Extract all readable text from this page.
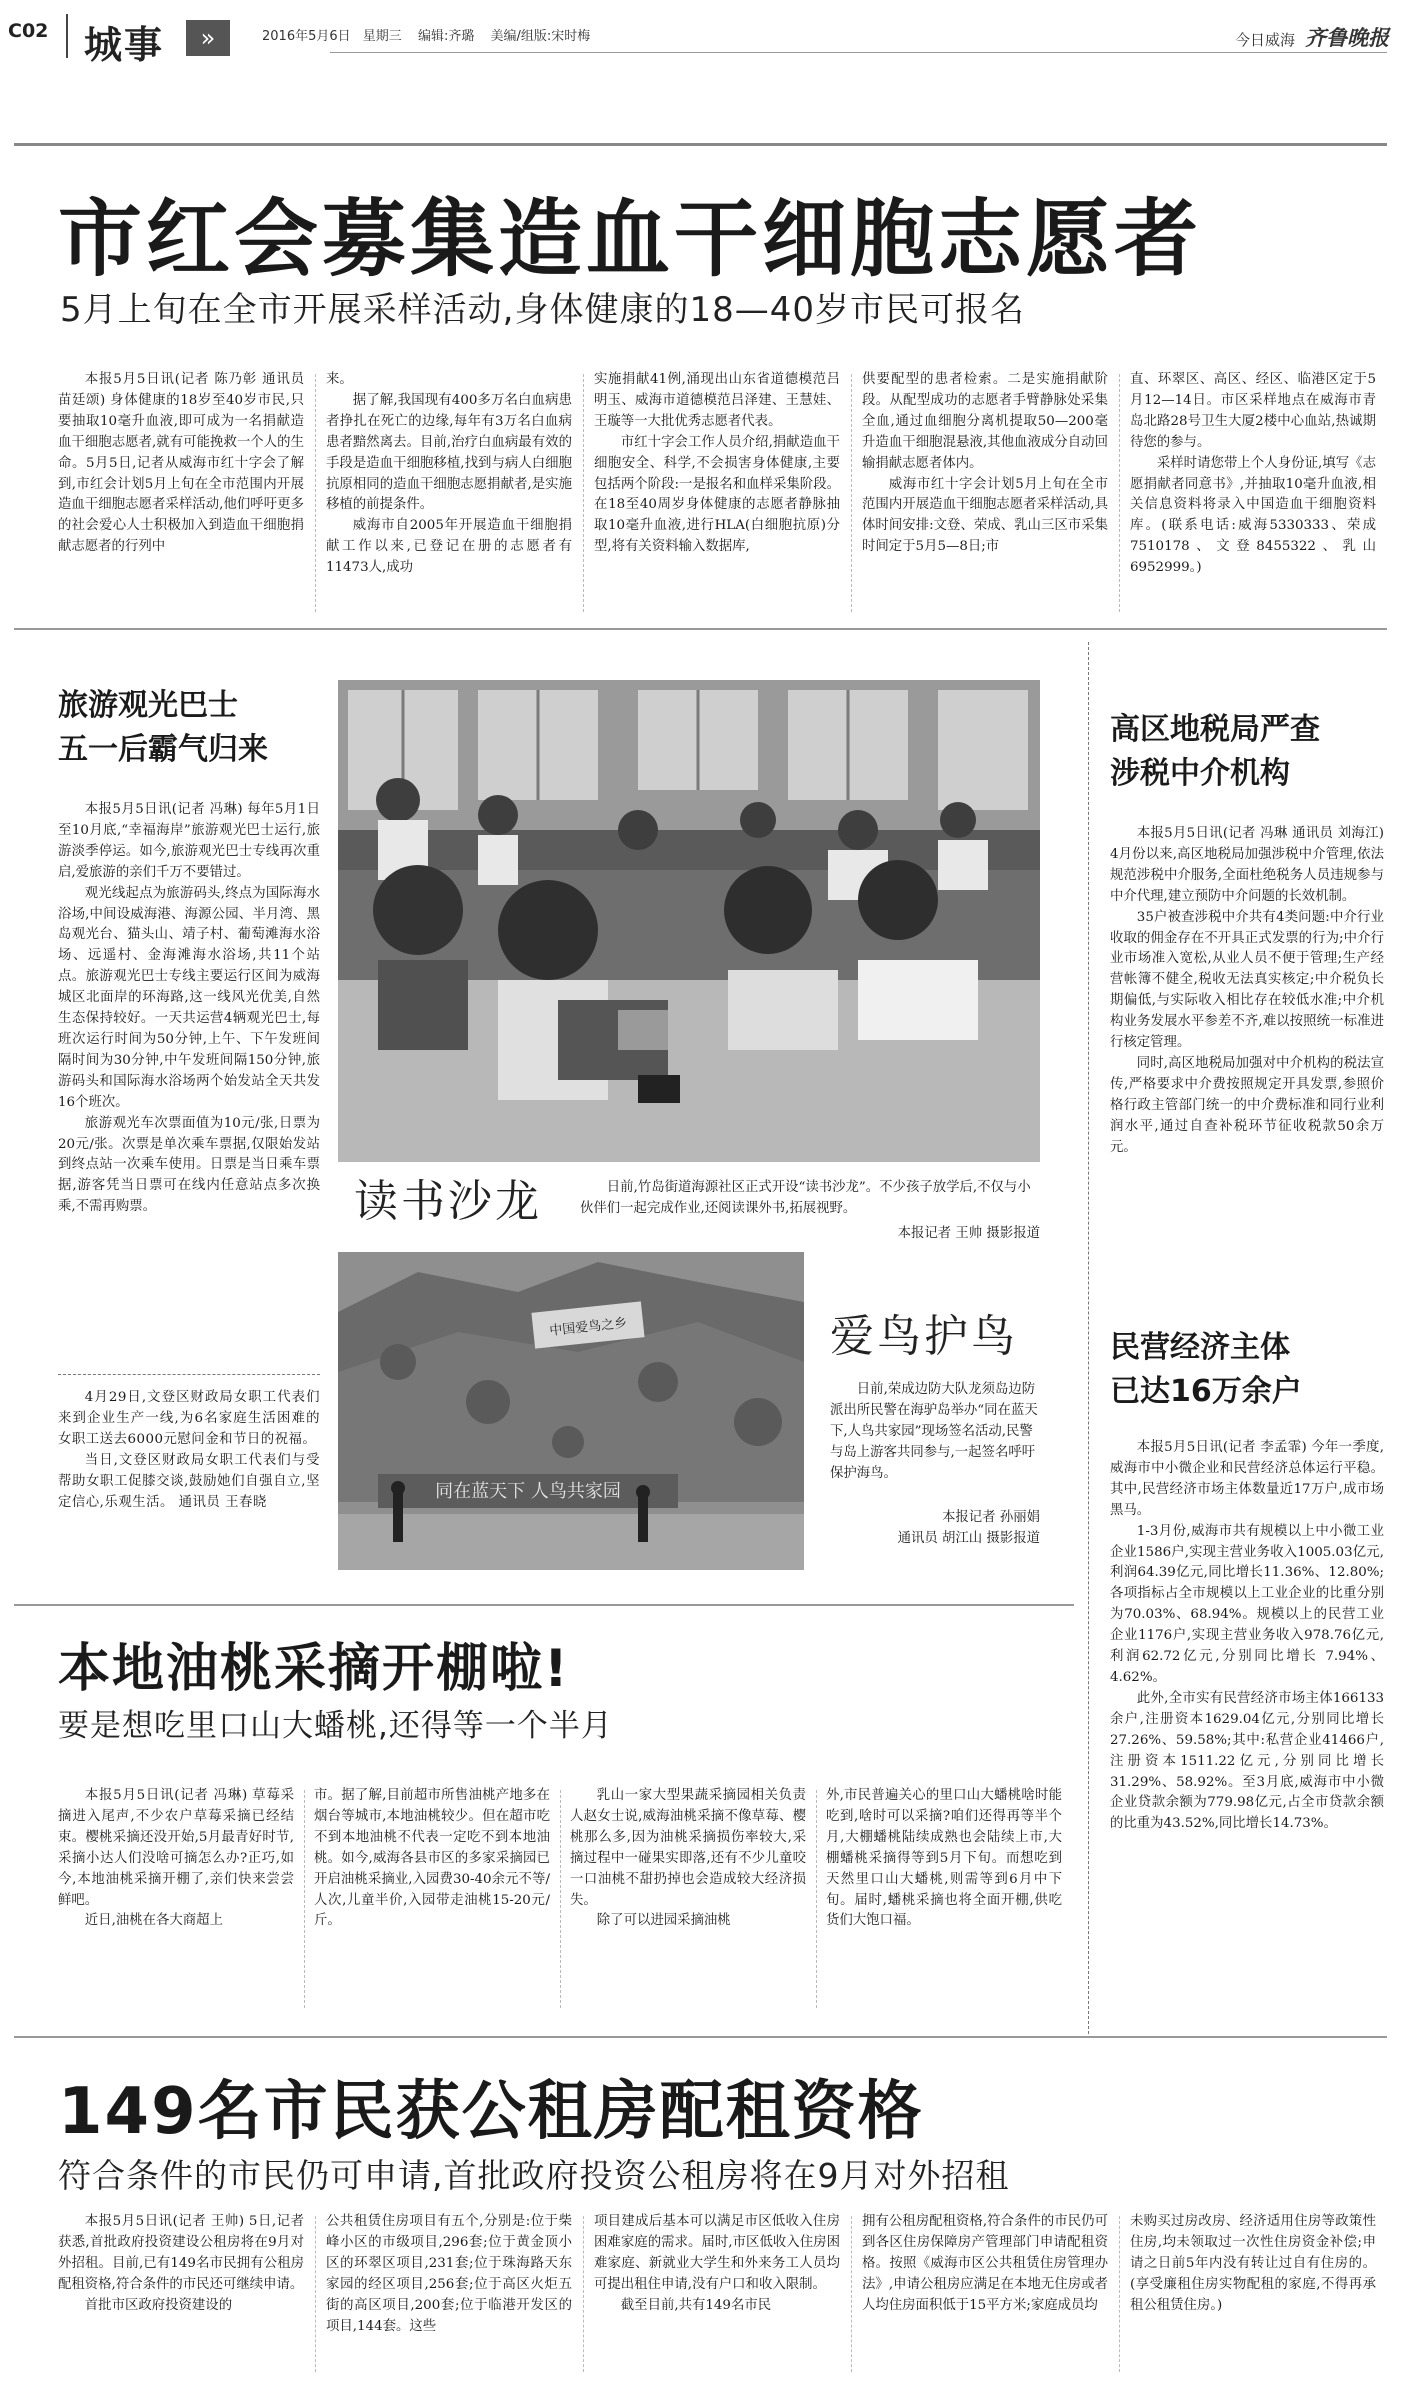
C02 城事	»	2016年5月6日 星期三 编辑:齐璐 美编/组版:宋时梅	今日威海 齐鲁晚报
市红会募集造血干细胞志愿者
5月上旬在全市开展采样活动,身体健康的18—40岁市民可报名

本报5月5日讯(记者 陈乃彰 通讯员 苗廷颂) 身体健康的18岁至40岁市民,只要抽取10毫升血液,即可成为一名捐献造血干细胞志愿者,就有可能挽救一个人的生命。5月5日,记者从威海市红十字会了解到,市红会计划5月上旬在全市范围内开展造血干细胞志愿者采样活动,他们呼吁更多的社会爱心人士积极加入到造血干细胞捐献志愿者的行列中

来。

据了解,我国现有400多万名白血病患者挣扎在死亡的边缘,每年有3万名白血病患者黯然离去。目前,治疗白血病最有效的手段是造血干细胞移植,找到与病人白细胞抗原相同的造血干细胞志愿捐献者,是实施移植的前提条件。

威海市自2005年开展造血干细胞捐献工作以来,已登记在册的志愿者有11473人,成功

实施捐献41例,涌现出山东省道德模范吕明玉、威海市道德模范吕泽建、王慧娃、王璇等一大批优秀志愿者代表。

市红十字会工作人员介绍,捐献造血干细胞安全、科学,不会损害身体健康,主要包括两个阶段:一是报名和血样采集阶段。在18至40周岁身体健康的志愿者静脉抽取10毫升血液,进行HLA(白细胞抗原)分型,将有关资料输入数据库,

供要配型的患者检索。二是实施捐献阶段。从配型成功的志愿者手臂静脉处采集全血,通过血细胞分离机提取50—200毫升造血干细胞混悬液,其他血液成分自动回输捐献志愿者体内。

威海市红十字会计划5月上旬在全市范围内开展造血干细胞志愿者采样活动,具体时间安排:文登、荣成、乳山三区市采集时间定于5月5—8日;市

直、环翠区、高区、经区、临港区定于5月12—14日。市区采样地点在威海市青岛北路28号卫生大厦2楼中心血站,热诚期待您的参与。

采样时请您带上个人身份证,填写《志愿捐献者同意书》,并抽取10毫升血液,相关信息资料将录入中国造血干细胞资料库。(联系电话:威海5330333、荣成7510178、文登8455322、乳山6952999。)

旅游观光巴士
五一后霸气归来

本报5月5日讯(记者 冯琳) 每年5月1日至10月底,“幸福海岸”旅游观光巴士运行,旅游淡季停运。如今,旅游观光巴士专线再次重启,爱旅游的亲们千万不要错过。

观光线起点为旅游码头,终点为国际海水浴场,中间设威海港、海源公园、半月湾、黑岛观光台、猫头山、靖子村、葡萄滩海水浴场、远遥村、金海滩海水浴场,共11个站点。旅游观光巴士专线主要运行区间为威海城区北面岸的环海路,这一线风光优美,自然生态保持较好。一天共运营4辆观光巴士,每班次运行时间为50分钟,上午、下午发班间隔时间为30分钟,中午发班间隔150分钟,旅游码头和国际海水浴场两个始发站全天共发16个班次。

旅游观光车次票面值为10元/张,日票为20元/张。次票是单次乘车票据,仅限始发站到终点站一次乘车使用。日票是当日乘车票据,游客凭当日票可在线内任意站点多次换乘,不需再购票。

4月29日,文登区财政局女职工代表们来到企业生产一线,为6名家庭生活困难的女职工送去6000元慰问金和节日的祝福。

当日,文登区财政局女职工代表们与受帮助女职工促膝交谈,鼓励她们自强自立,坚定信心,乐观生活。 通讯员 王春晓

读书沙龙	日前,竹岛街道海源社区正式开设“读书沙龙”。不少孩子放学后,不仅与小伙伴们一起完成作业,还阅读课外书,拓展视野。
本报记者 王帅 摄影报道
中国爱鸟之乡
同在蓝天下 人鸟共家园
爱鸟护鸟
日前,荣成边防大队龙须岛边防派出所民警在海驴岛举办“同在蓝天下,人鸟共家园”现场签名活动,民警与岛上游客共同参与,一起签名呼吁保护海鸟。
本报记者 孙丽娟
通讯员 胡江山 摄影报道
高区地税局严查
涉税中介机构

本报5月5日讯(记者 冯琳 通讯员 刘海江) 4月份以来,高区地税局加强涉税中介管理,依法规范涉税中介服务,全面杜绝税务人员违规参与中介代理,建立预防中介问题的长效机制。

35户被查涉税中介共有4类问题:中介行业收取的佣金存在不开具正式发票的行为;中介行业市场准入宽松,从业人员不便于管理;生产经营帐簿不健全,税收无法真实核定;中介税负长期偏低,与实际收入相比存在较低水准;中介机构业务发展水平参差不齐,难以按照统一标准进行核定管理。

同时,高区地税局加强对中介机构的税法宣传,严格要求中介费按照规定开具发票,参照价格行政主管部门统一的中介费标准和同行业利润水平,通过自查补税环节征收税款50余万元。

民营经济主体
已达16万余户

本报5月5日讯(记者 李孟霏) 今年一季度,威海市中小微企业和民营经济总体运行平稳。其中,民营经济市场主体数量近17万户,成市场黑马。

1-3月份,威海市共有规模以上中小微工业企业1586户,实现主营业务收入1005.03亿元,利润64.39亿元,同比增长11.36%、12.80%;各项指标占全市规模以上工业企业的比重分别为70.03%、68.94%。规模以上的民营工业企业1176户,实现主营业务收入978.76亿元,利润62.72亿元,分别同比增长 7.94%、4.62%。

此外,全市实有民营经济市场主体166133余户,注册资本1629.04亿元,分别同比增长27.26%、59.58%;其中:私营企业41466户,注册资本1511.22亿元,分别同比增长31.29%、58.92%。至3月底,威海市中小微企业贷款余额为779.98亿元,占全市贷款余额的比重为43.52%,同比增长14.73%。

本地油桃采摘开棚啦!
要是想吃里口山大蟠桃,还得等一个半月

本报5月5日讯(记者 冯琳) 草莓采摘进入尾声,不少农户草莓采摘已经结束。樱桃采摘还没开始,5月最青好时节,采摘小达人们没啥可摘怎么办?正巧,如今,本地油桃采摘开棚了,亲们快来尝尝鲜吧。

近日,油桃在各大商超上

市。据了解,目前超市所售油桃产地多在烟台等城市,本地油桃较少。但在超市吃不到本地油桃不代表一定吃不到本地油桃。如今,威海各县市区的多家采摘园已开启油桃采摘业,入园费30-40余元不等/人次,儿童半价,入园带走油桃15-20元/斤。

乳山一家大型果蔬采摘园相关负责人赵女士说,威海油桃采摘不像草莓、樱桃那么多,因为油桃采摘损伤率较大,采摘过程中一碰果实即落,还有不少儿童咬一口油桃不甜扔掉也会造成较大经济损失。

除了可以进园采摘油桃

外,市民普遍关心的里口山大蟠桃啥时能吃到,啥时可以采摘?咱们还得再等半个月,大棚蟠桃陆续成熟也会陆续上市,大棚蟠桃采摘得等到5月下旬。而想吃到天然里口山大蟠桃,则需等到6月中下旬。届时,蟠桃采摘也将全面开棚,供吃货们大饱口福。

149名市民获公租房配租资格
符合条件的市民仍可申请,首批政府投资公租房将在9月对外招租

本报5月5日讯(记者 王帅) 5日,记者获悉,首批政府投资建设公租房将在9月对外招租。目前,已有149名市民拥有公租房配租资格,符合条件的市民还可继续申请。

首批市区政府投资建设的

公共租赁住房项目有五个,分别是:位于柴峰小区的市级项目,296套;位于黄金顶小区的环翠区项目,231套;位于珠海路天东家园的经区项目,256套;位于高区火炬五街的高区项目,200套;位于临港开发区的项目,144套。这些

项目建成后基本可以满足市区低收入住房困难家庭的需求。届时,市区低收入住房困难家庭、新就业大学生和外来务工人员均可提出租住申请,没有户口和收入限制。

截至目前,共有149名市民

拥有公租房配租资格,符合条件的市民仍可到各区住房保障房产管理部门申请配租资格。按照《威海市区公共租赁住房管理办法》,申请公租房应满足在本地无住房或者人均住房面积低于15平方米;家庭成员均

未购买过房改房、经济适用住房等政策性住房,均未领取过一次性住房资金补偿;申请之日前5年内没有转让过自有住房的。(享受廉租住房实物配租的家庭,不得再承租公租赁住房。)
